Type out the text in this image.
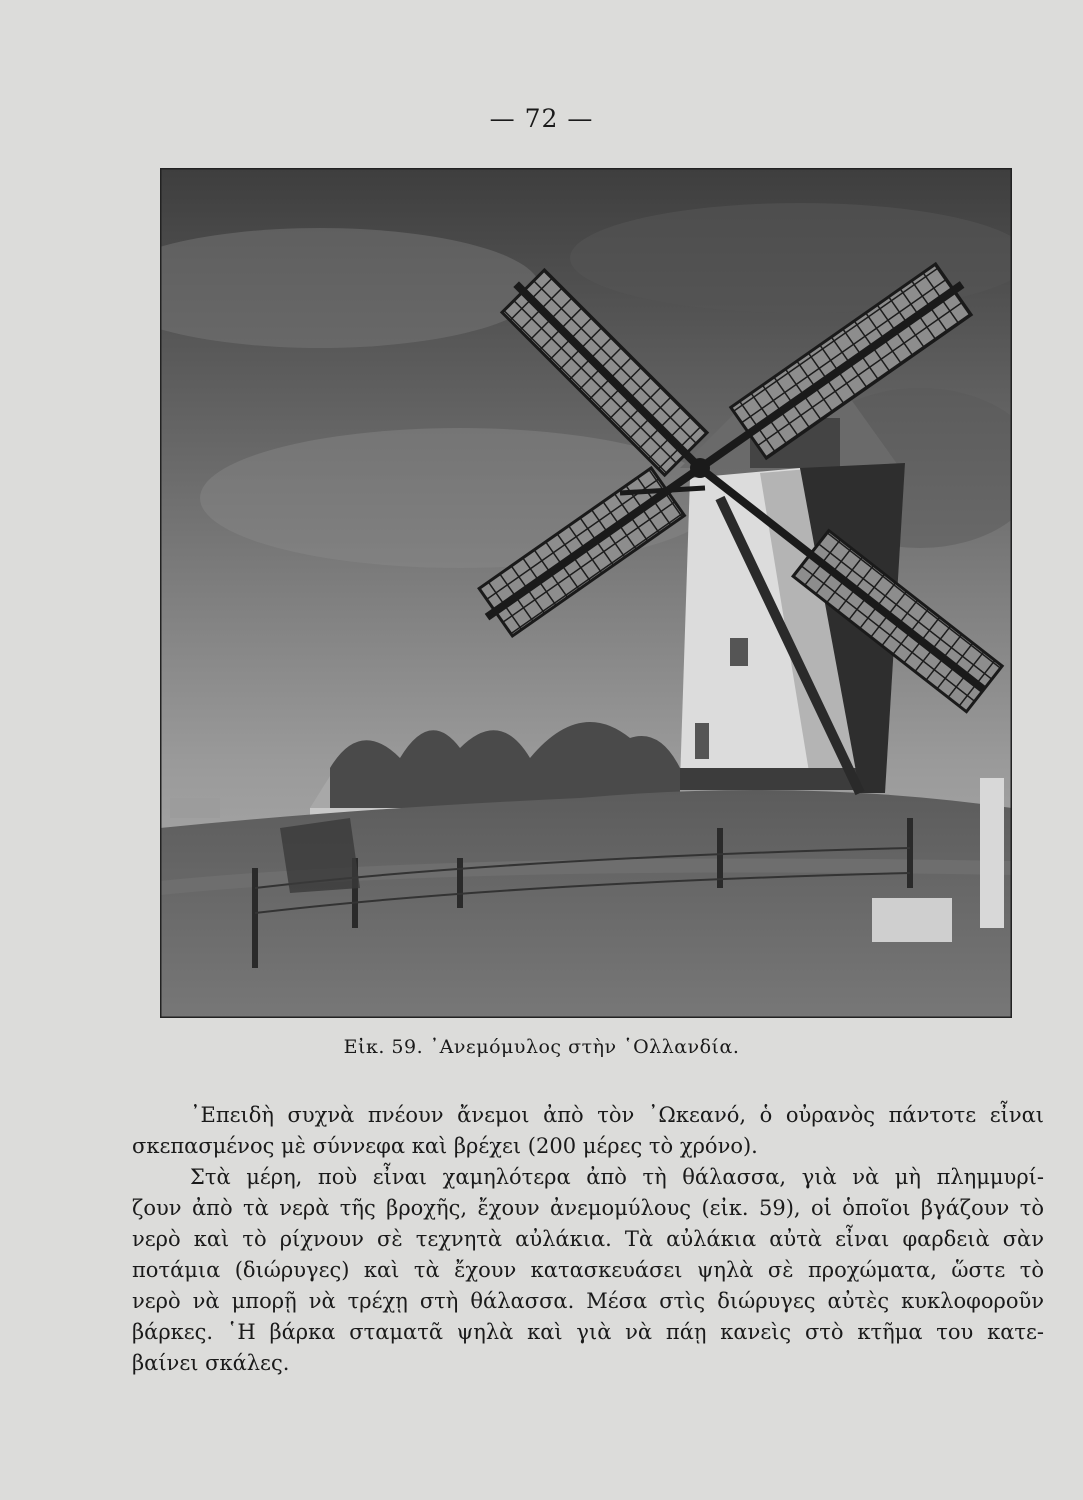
— 72 —
Εἰκ. 59. ᾿Ανεμόμυλος στὴν ῾Ολλανδία.

᾿Επειδὴ συχνὰ πνέουν ἄνεμοι ἀπὸ τὸν ᾿Ωκεανό, ὁ οὐρανὸς πάντοτε εἶναι
σκεπασμένος μὲ σύννεφα καὶ βρέχει (200 μέρες τὸ χρόνο).

Στὰ μέρη, ποὺ εἶναι χαμηλότερα ἀπὸ τὴ θάλασσα, γιὰ νὰ μὴ πλημμυρί-
ζουν ἀπὸ τὰ νερὰ τῆς βροχῆς, ἔχουν ἀνεμομύλους (εἰκ. 59), οἱ ὁποῖοι βγάζουν τὸ
νερὸ καὶ τὸ ρίχνουν σὲ τεχνητὰ αὐλάκια. Τὰ αὐλάκια αὐτὰ εἶναι φαρδειὰ σὰν
ποτάμια (διώρυγες) καὶ τὰ ἔχουν κατασκευάσει ψηλὰ σὲ προχώματα, ὥστε τὸ
νερὸ νὰ μπορῇ νὰ τρέχῃ στὴ θάλασσα. Μέσα στὶς διώρυγες αὐτὲς κυκλοφοροῦν
βάρκες. ῾Η βάρκα σταματᾶ ψηλὰ καὶ γιὰ νὰ πάῃ κανεὶς στὸ κτῆμα του κατε-
βαίνει σκάλες.
